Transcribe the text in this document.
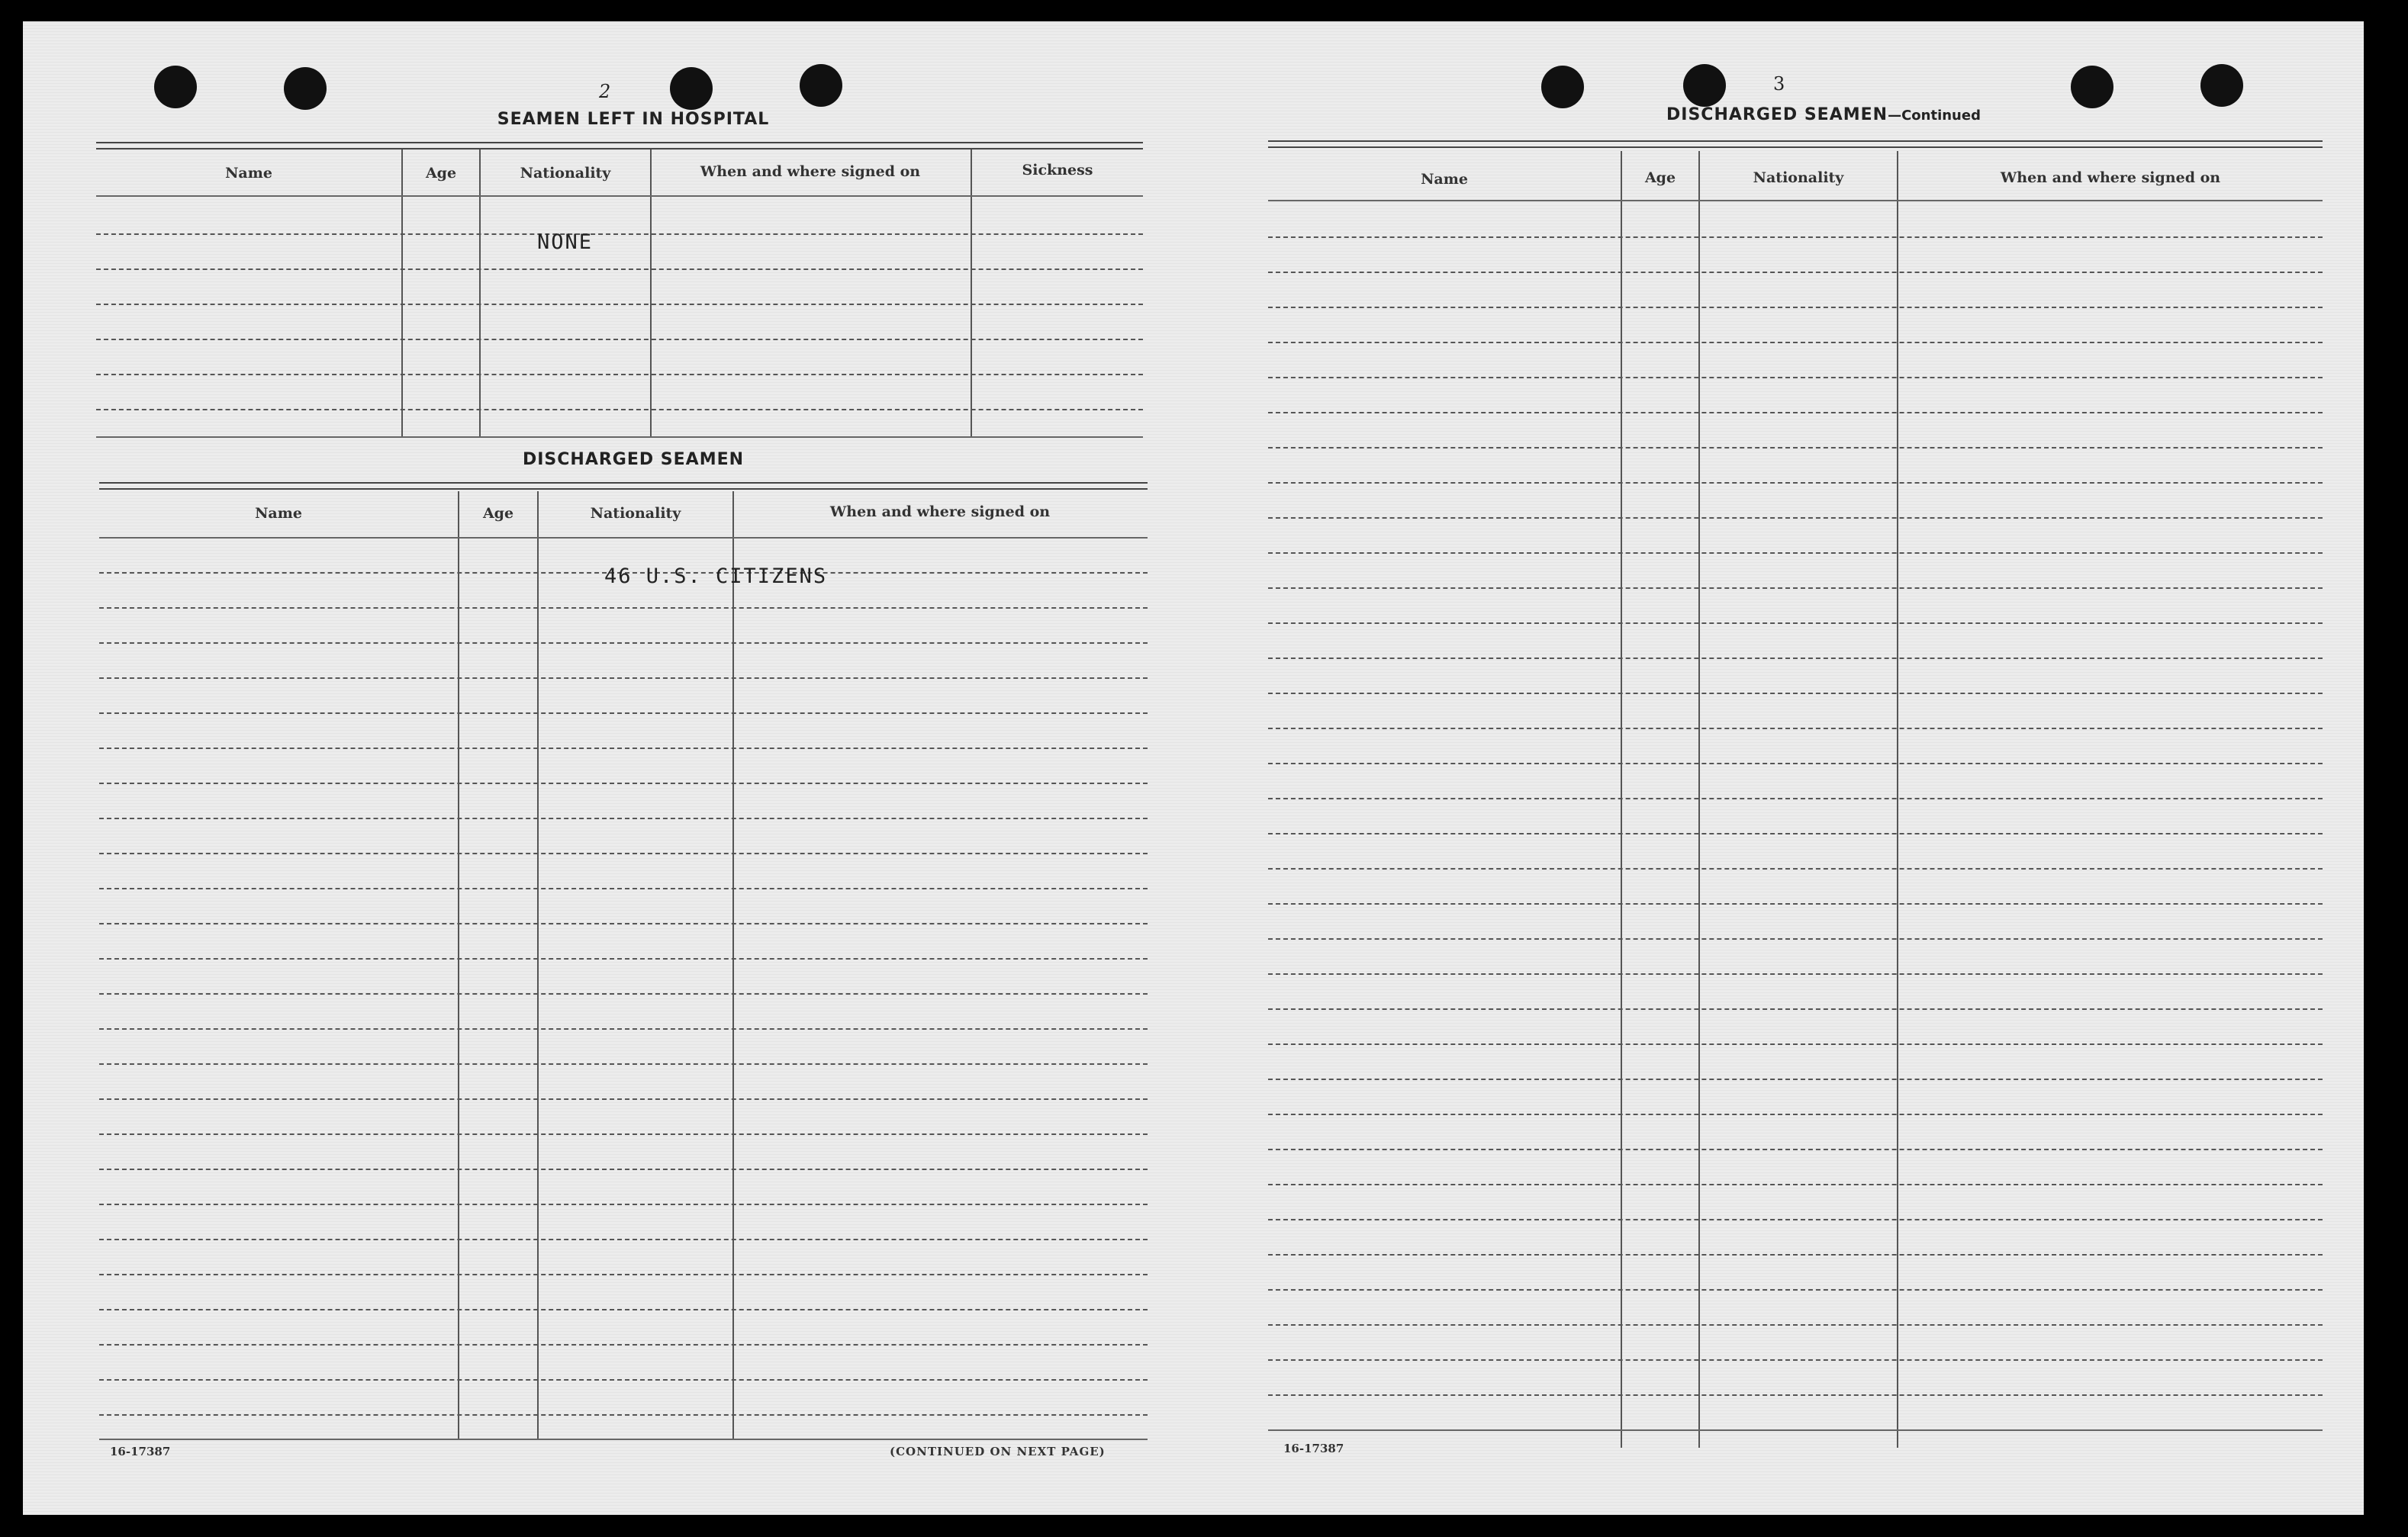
2
SEAMEN LEFT IN HOSPITAL
Name	Age	Nationality	When and where signed on	Sickness
NONE
DISCHARGED SEAMEN
Name	Age	Nationality	When and where signed on
46 U.S. CITIZENS
16-17387	(CONTINUED ON NEXT PAGE)
3
DISCHARGED SEAMEN—Continued
Name	Age	Nationality	When and where signed on
16-17387
